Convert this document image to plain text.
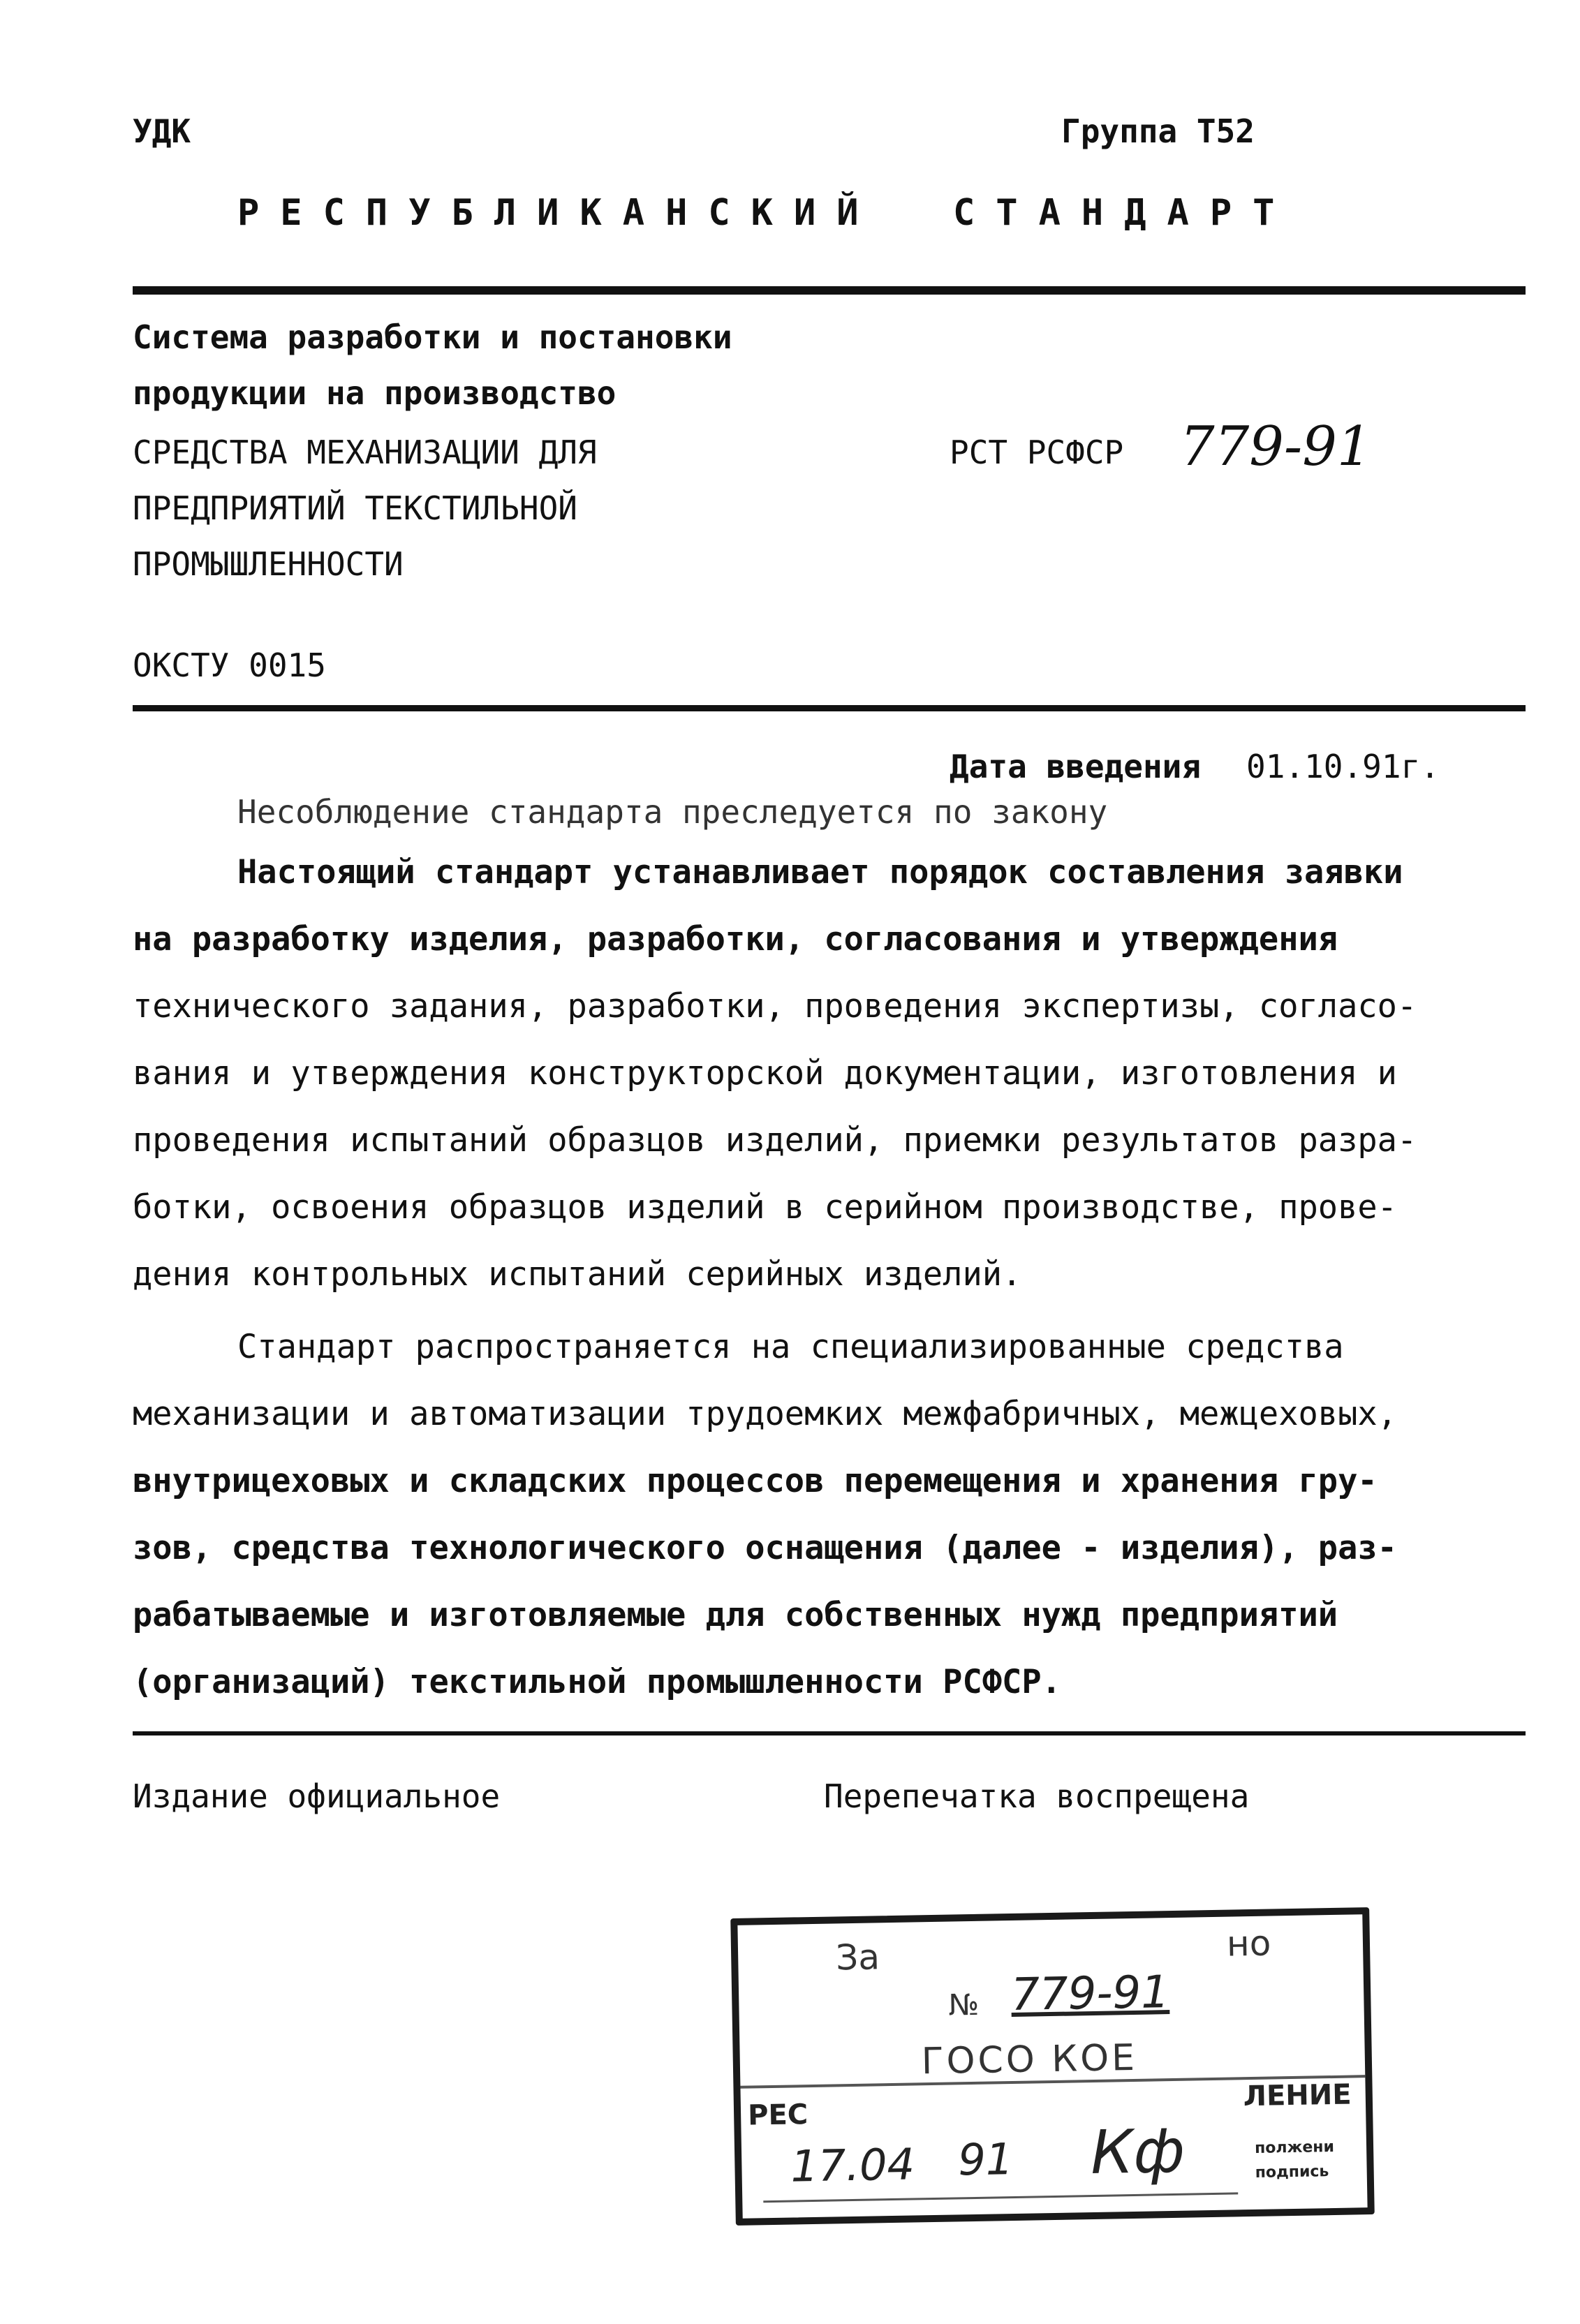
УДК	Группа Т52
РЕСПУБЛИКАНСКИЙ СТАНДАРТ
Система разработки и постановки
продукции на производство
СРЕДСТВА МЕХАНИЗАЦИИ ДЛЯ
ПРЕДПРИЯТИЙ ТЕКСТИЛЬНОЙ
ПРОМЫШЛЕННОСТИ
РСТ РСФСР 779-91
ОКСТУ 0015
Дата введения 01.10.91г.
Несоблюдение стандарта преследуется по закону
Настоящий стандарт устанавливает порядок составления заявки
на разработку изделия, разработки, согласования и утверждения
технического задания, разработки, проведения экспертизы, согласо-
вания и утверждения конструкторской документации, изготовления и
проведения испытаний образцов изделий, приемки результатов разра-
ботки, освоения образцов изделий в серийном производстве, прове-
дения контрольных испытаний серийных изделий.
Стандарт распространяется на специализированные средства
механизации и автоматизации трудоемких межфабричных, межцеховых,
внутрицеховых и складских процессов перемещения и хранения гру-
зов, средства технологического оснащения (далее - изделия), раз-
рабатываемые и изготовляемые для собственных нужд предприятий
(организаций) текстильной промышленности РСФСР.
Издание официальное	Перепечатка воспрещена
За	но
№ 779-91
ГОСО КОЕ
РЕС
ЛЕНИЕ
17.04 91 Кф	полжени
подпись
